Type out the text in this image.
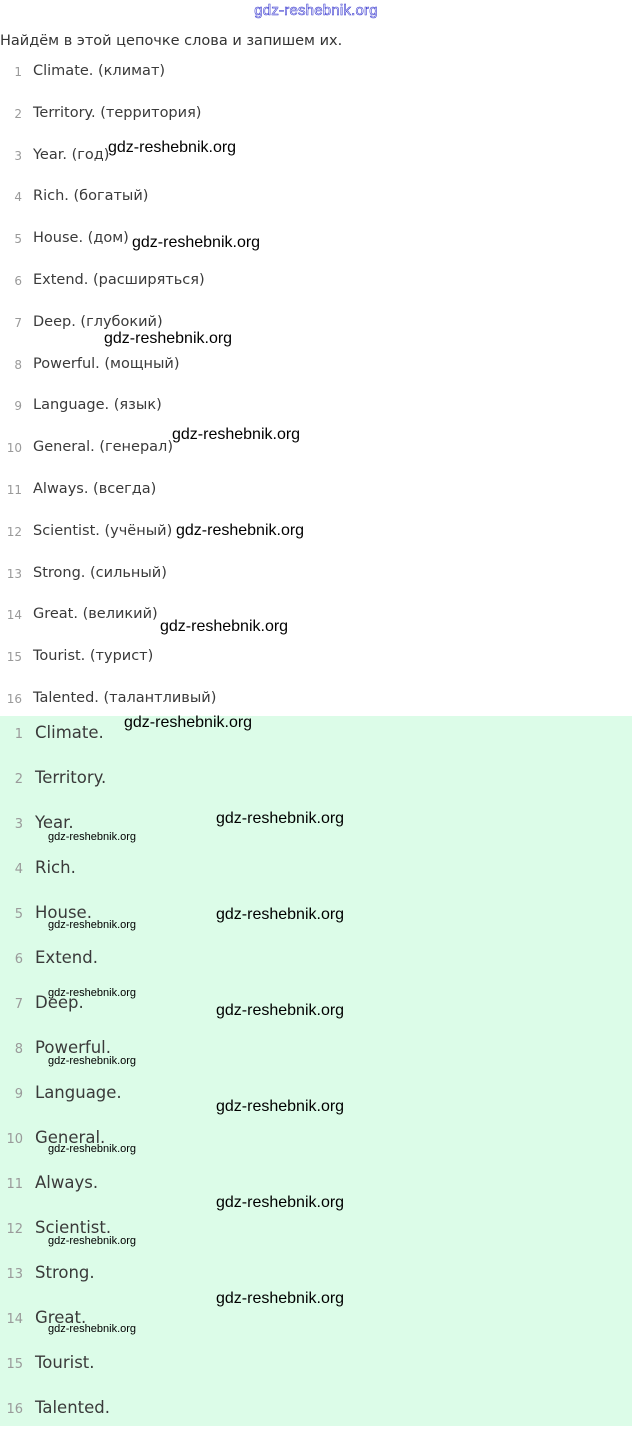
gdz-reshebnik.org
Найдём в этой цепочке слова и запишем их.
1 Climate. (климат)
2 Territory. (территория)
3 Year. (год)
4 Rich. (богатый)
5 House. (дом)
6 Extend. (расширяться)
7 Deep. (глубокий)
8 Powerful. (мощный)
9 Language. (язык)
10 General. (генерал)
11 Always. (всегда)
12 Scientist. (учёный)
13 Strong. (сильный)
14 Great. (великий)
15 Tourist. (турист)
16 Talented. (талантливый)
1 Climate.
2 Territory.
3 Year.
4 Rich.
5 House.
6 Extend.
7 Deep.
8 Powerful.
9 Language.
10 General.
11 Always.
12 Scientist.
13 Strong.
14 Great.
15 Tourist.
16 Talented.
gdz-reshebnik.org
gdz-reshebnik.org
gdz-reshebnik.org
gdz-reshebnik.org
gdz-reshebnik.org
gdz-reshebnik.org
gdz-reshebnik.org
gdz-reshebnik.org
gdz-reshebnik.org
gdz-reshebnik.org
gdz-reshebnik.org
gdz-reshebnik.org
gdz-reshebnik.org
gdz-reshebnik.org
gdz-reshebnik.org
gdz-reshebnik.org
gdz-reshebnik.org
gdz-reshebnik.org
gdz-reshebnik.org
gdz-reshebnik.org
